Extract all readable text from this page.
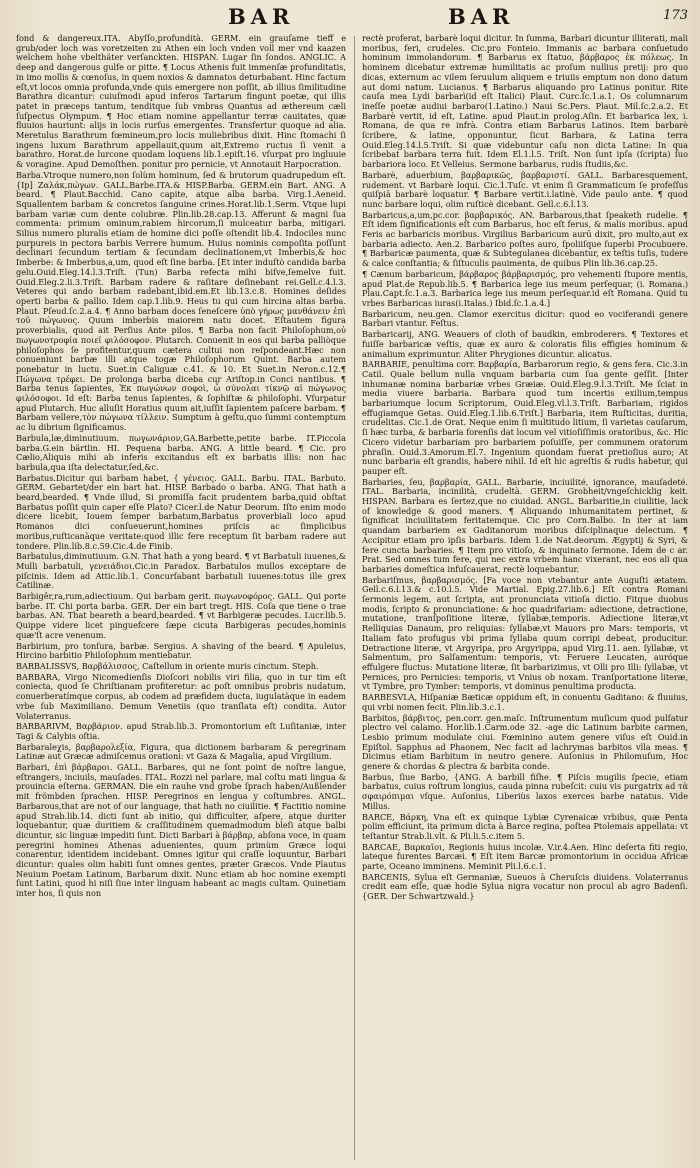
BAR	BAR	173

fond & dangereux.ITA. Abyſſo,profundità. GERM. ein grauſame tieff e grub/oder loch was voretzeiten zu Athen ein loch vnden voll mer vnd kaazen welchem hohe vbelthäter verſanckten. HISPAN. Lugar ſin ſondos. ANGLIC. A deep and dangerous gulfe or pitte. ¶ Locus Athenis fuit immenſæ profunditatis, in imo mollis & cœnoſus, in quem noxios & damnatos deturbabant. Hinc factum eſt,vt locos omnia profunda,vnde quis emergere non poſſit, ab illius ſimilitudine Barathra dicantur: cuiuſmodi apud inferos Tartarum fingunt poetæ, qui illis patet in præceps tantum, tenditque ſub vmbras Quantus ad æthereum cæli ſuſpectus Olympum. ¶ Hoc etiam nomine appellantur terræ cauitates, quæ fluuios hauriunt: alijs in locis rurſus emergentes. Transfertur quoque ad alia. Meretulus Barathrum fœmineum,pro locis muliebribus dixit. Hinc ſtomachi ſi ingens luxum Barathrum appellauit,quum ait,Extremo ructus ſi venit a barathro. Horat.de lurcone quodam loquens lib.1.epiſt.16. vſurpat pro ingluuie & voragine. Apud Demoſthen. ponitur pro pernicie, vt Annotauit Harpocration.

Barba.Vtroque numero,non ſolùm hominum, ſed & brutorum quadrupedum eſt. {Ip] Ζαλάκ,πώγων. GALL.Barbe.ITA.& HISP.Barba. GERM.ein Bart. ANG. A beard. ¶ Plaut.Bacchid. Cano capite, atque alba barba. Virg.1.Aeneid. Squallentem barbam & concretos ſanguine crines.Horat.lib.1.Serm. Vtque lupi barbam variæ cum dente colubræ. Plin.lib.28.cap.13. Afferunt & magni ſua commenta: primum ominum,rabiem hircorum,ſi mulceatur barba, mitigari. Silius numero pluralis etiam de homine dici poſſe oſtendit lib.4. Indociles nunc purpureis in pectora barbis Verrere humum. Huius nominis compoſita poſſunt declinari ſecundum tertiam & ſecundam declinationem,vt Imberbis,& hoc Imberbe: & Imberbus,a,um, quod eſt ſine barba. [Et inter induſtò candida barba gelu.Ouid.Eleg.14.l.3.Triſt. (Tun) Barba refecta mihi biſve,ſemelve fuit. Ouid.Eleg.2.li.3.Triſt. Barbam radere & raſitare deſinebant rei.Gell.c.4.l.3. Veteres qui ando barbam radebant,ibid.em.Et lib.13.c.8. Homines deſides operti barba & pallio. Idem cap.1.lib.9. Heus tu qui cum hircina altas barba. Plaut. Pſeud.ſc.2.a.4. ¶ Anno barbam doces ſeneſcere ὑπὸ γήρως μανθάνειν ἐπὶ τοῦ πώγωνος. Quum imberbis maiorem natu docet. Eſtautem figura proverbialis, quod ait Perſius Ante pilos. ¶ Barba non facit Philoſophum,οὐ πωγωνοτροφία ποιεῖ φιλόσοφον. Plutarch. Conuenit in eos qui barba palliòque philoſophos ſe profitentur,quum cætera cultui non reſpondeant.Hæc non conueniunt barbæ illi atque togæ Philoſophorum Quint. Barba autem ponebatur in luctu. Suet.in Caliguæ c.41. & 10. Et Suet.in Neron.c.12.¶ Πώγωνα τρέφει. De prolonga barba diceba cur Ariſtop.in Conci nantibus. ¶ Barba tenus ſapientes, Ἐκ πωγώνων σοφοὶ, ὦ σύνολαι τίκνῷ αἰ πώγωνος φιλόσοφοι. Id eſt: Barba tenus ſapientes, & ſophiſtæ & philoſophi. Vſurpatur apud Plutarch. Huc alluſit Horatius quum ait,iuſſit ſapientem paſcere barbam. ¶ Barbam vellere,τὸν πώγωνα τίλλειν. Sumptum à geſtu,quo ſummi contemptum ac lu dibrium ſignificamus.

Barbula,læ,diminutiuum. πωγωνάριον,GA.Barbette,petite barbe. IT.Piccola barba.G.ein bärtlin. HI. Pequena barba. ANG. A little beard. ¶ Cic. pro Cælio,Aliquis mihi ab inferis excitandus eſt ex barbatis illis: non hac barbula,qua iſta delectatur,ſed,&c.

Barbatus.Dicitur qui barbam habet, { γένειος. GALL. Barbu. ITAL. Barbuto. GERM. Gebartet/der ein bart hat. HISP. Barbado o barba. ANG. That hath a beard,bearded. ¶ Vnde illud, Si promiſſa facit prudentem barba,quid obſtat Barbatus poſſit quin caper eſſe Plato? Cicer.l.de Natur Deorum. Iſto enim modo dicere licebit, Iouem ſemper barbatum,Barbatus proverbiali loco apud Romanos dici conſueuerunt,homines priſcis ac ſimplicibus moribus,ruſticanàque veritate:quod illic fere receptum ſit barbam radere aut tondere. Plin.lib.8.c.59.Cic.4.de Finib.

Barbatulus,diminutiuum. G.N. That hath a yong beard. ¶ vt Barbatuli iuuenes,& Mulli barbatuli, γενειάδιοι.Cic.in Paradox. Barbatulos mullos exceptare de piſcinis. Idem ad Attic.lib.1. Concurſabant barbatuli iuuenes:totus ille grex Catilinæ.

Barbigêr,ra,rum,adiectiuum. Qui barbam gerit. πωγωνοφόρος. GALL. Qui porte barbe. IT. Chi porta barba. GER. Der ein bart tregt. HIS. Coſa que tiene o trae barbas. AN. That beareth a beard,bearded. ¶ vt Barbigeræ pecudes. Lucr.lib.5. Quippe videre licet pinguefcere ſæpe cicuta Barbigeras pecudes,hominis quæ'ſt acre venenum.

Barbirium, pro tonſura, barbæ. Sergius. A shaving of the beard. ¶ Apuleius, Hircino barbitio Philoſophum mentiebatur.

BARBALISSVS, Βαρβάλισσος, Caſtellum in oriente muris cinctum. Steph.

BARBARA, Virgo Nicomedienſis Dioſcori nobilis viri filia, quo in tur tim eſt coniecta, quod ſe Chriſtianam profiteretur: ac poſt omnibus probris nudatum, conuerberatímque corpus, ab codem ad præfidem ducta, iugulatàque in eadem vrbe ſub Maximiliano. Demum Venetiis (quo tranſlata eſt) condita. Autor Volaterranus.

BARBARIVM, Βαρβάριον. apud Strab.lib.3. Promontorium eſt Luſitaniæ, inter Tagi & Calybis oſtia.

Barbaraleχis, βαρβαρολεξία, Figura, qua dictionem barbaram & peregrinam Latinæ aut Græcæ admiſcemus orationi: vt Gaza & Magalia, apud Virgilium.

Barbari, ἐπὶ βάρβαροι. GALL. Barbares, qui ne ſont point de noſtre langue, eſtrangers, inciuils, mauſades. ITAL. Rozzi nel parlare, mal coſtu mati lingua & prouincia eſterna. GERMAN. Die ein rauhe vnd grobe ſprach haben/Außlender mit frömbden ſprachen. HISP. Peregrinos en lengua y coſtumbres. ANGL. Barbarous,that are not of our language, that hath no ciuilitie. ¶ Factitio nomine apud Strab.lib.14. dicti ſunt ab initio, qui difficulter, aſpere, atque duriter loquebantur, quæ duritiem & craſſitudinem quemadmodum bleſi atque balbi dicuntur, sic linguæ impediti ſunt. Dicti Barbari à βάρβαρ, abſona voce, in quam peregrini homines Athenas aduenientes, quum primùm Græce loqui conarentur, identidem incidebant. Omnes igitur qui craſſe loquuntur, Barbari dicuntur: quales olim habiti ſunt omnes gentes, præter Græcos. Vnde Plautus Neuium Poetam Latinum, Barbarum dixit. Nunc etiam ab hoc nomine exempti ſunt Latini, quod hi niſi ſiue inter linguam habeant ac magis cultam. Quinetiam inter hos, ſi quis non

rectè proferat, barbarè loqui dicitur. In ſumma, Barbari dicuntur illiterati, mali moribus, feri, crudeles. Cic.pro Fonteio. Immanis ac barbara conſuetudo hominum immolandorum. ¶ Barbarus ex ſtatuo, βάρβαρος ἐκ πόλεως. In hominem dicebatur extremæ humilitatis ac proſum nullius pretij: pro quo dicas, externum ac vilem ſeruulum aliquem e triuiis emptum non dono datum aut domi natum. Lucianus. ¶ Barbarus aliquando pro Latinus ponitur. Rite cauſa mea Lydi barbarì(id eſt Italici) Plaut. Curc.ſc.1.a.1. Os columnarum ineſſe poetæ audiui barbaro(1.Latino.) Naui Sc.Pers. Plaut. Mil.ſc.2.a.2. Et Barbarè vertit, id eſt, Latine. apud Plaut.in prolog.Aſin. Et barbarica lex, i. Romana, de qua re infrà. Contra etiam Barbarus Latinos. Item barbarè ſcribere, & latine, opponuntur, ſicut Barbara, & Latina terra Ouid.Eleg.14.l.5.Triſt. Si quæ videbuntur caſu non dicta Latine: In qua ſcribebat barbara terra fuit. Idem El.1.l.5. Triſt. Non ſunt ipſa (ſcripta) ſuo barbariora loco. Et Velleius. Sermone barbarus, rudis ſtudiis,&c.

Barbarè, aduerbium, βαρβαρικῶς, βαρβαριστί. GALL. Barbaresquement, rudement. vt Barbarè loqui. Cic.1.Tuſc. vt enim ſi Grammaticum ſe profeſſus quiſpiā barbarè loquatur. ¶ Barbare vertit.i.latinè. Vide paulo ante. ¶ quod nunc barbare loqui, olim ruſticè dicebant. Gell.c.6.l.13.

Barbaricus,a,um,pc.cor. βαρβαρικός. AN. Barbarous,that ſpeaketh rudelie. ¶ Eſt idem ſignificationis eſt cum Barbarus, hoc eſt ferus, & malis moribus. apud Feris ac barbaricis moribus. Virgilius Barbaricum aurū dixit, pro multo,aut ex barbaria adiecto. Aen.2. Barbarico poſtes auro, ſpoliiſque ſuperbi Procubuere. ¶ Barbaricæ paumenta, quæ & Subtegulanea dicebantur, ex teſtis tuſis, tudere & calce conſtantia; & ſiſtuculis pauimenta, de quibus Plin lib.36.cap.25.

¶ Cænum barbaricum, βάρβαρος βάρβαρισμός, pro vehementi ſtupore mentis, apud Plat.de Repub.lib.5. ¶ Barbarica lege ius meum perſequar, (i. Romana.) Plau.Capt.ſc.1.a.3. Barbarica lege ius meum perſequar.id eſt Romana. Quid tu vrbes Barbaricas iuras(i.Italas.) Ibid.ſc.1.a.4.]

Barbaricum, neu.gen. Clamor exercitus dicitur: quod eo vociferandi genere Barbari vtantur. Feſtus.

Barbaricarij, ANG. Weauers of cloth of baudkin, embroderers. ¶ Textores et fuiſſe barbaricæ veſtis, quæ ex auro & coloratis filis effigies hominum & animalium exprimuntur. Aliter Phrygiones dicuntur. alicatus.

BARBARIE, penultima corr. Βαρβαρία, Barbarorum regio, & gens fera. Cic.3.in Catil. Quale bellum nulla vnquam barbaria cum ſua gente geſſit. [Inter inhumanæ nomina barbariæ vrbes Græiæ. Ouid.Eleg.9.l.3.Triſt. Me ſciat in media viuere barbaria. Barbara quod tum incertis exilium,tempus barbariumque locum Scriptorum, Ouid.Eleg.vl.l.3.Triſt. Barbariam, rigidos effugiamque Getas. Ouid.Eleg.1.lib.6.Triſt.] Barbaria, item Ruſticitas, duritia, crudelitas. Cic.1.de Orat. Neque enim ſi multitudo litium, ſi varietas cauſarum, ſi hæc turba, & barbaria forenſis dat locum vel vitioſiſſimis oratoribus, &c. Hic Cicero videtur barbariam pro barbariem poſuiſſe, per communem oratorum phraſin. Ouid.3.Amorum.El.7. Ingenium quondam fuerat pretioſius auro; At nunc barbaria eſt grandis, habere nihil. Id eſt hic agreſtis & rudis habetur, qui pauper eſt.

Barbaries, ſeu, βαρβαρία, GALL. Barbarie, inciuilité, ignorance, mauſadeté. ITAL. Barbaria, incinilità, crudeltà. GERM. Grobheit/vngeſchicklig keit. HISPAN. Barbara es ſertez,que no ciuidad. ANGL. Barbaritie,in ciuilitie, lack of knowledge & good maners. ¶ Aliquando inhumanitatem pertinet, & ſignificat inciuilitatem feritatemque. Cic pro Corn.Balbo. In iter at iam quandam barbariem ex Gaditanorum moribus diſciplinaque delectum. ¶ Accipitur etiam pro ipſis barbaris. Idem 1.de Nat.deorum. Ægyptij & Syri, & fere cuncta barbaries. ¶ Item pro vitioſo, & inquinato ſermone. Idem de c ar. Prat. Sed omnes tum fere, qui nec extra vrbem hanc vixerant, nec eos ali qua barbaries domeſtica infuſcauerat, rectè loquebantur.

Barbariſmus, βαρβαρισμός. [Fa voce non vtebantur ante Auguſti ætatem. Gell.c.6.l.13.& c.10.l.5. Vide Martial. Epig.27.lib.6.] Eſt contra Romani ſermonis legem, aut ſcripta, aut pronunciata vitioſa dictio. Fitque duobus modis, ſcripto & pronunciatione: & hoc quadrifariam: adiectione, detractione, mutatione, tranſpoſitione literæ, ſyllabæ,temporis. Adiectione literæ,vt Relliquias Danaum, pro reliquias: ſyllabæ,vt Mauors pro Mars: temporis, vt Italiam fato profugus vbi prima ſyllaba quum corripi debeat, producitur. Detractione literæ, vt Argyripa, pro Argyrippa, apud Virg.11. aen. ſyllabæ, vt Salmentum, pro Salſamentum: temporis, vt: Feruere Leucaten, auróque effulgere fluctus: Mutatione literæ, ſit barbarizimus, vt Olli pro Illi: ſyllabæ, vt Pernices, pro Pernicies: temporis, vt Vnius ob noxam. Tranſportatione literæ, vt Tymbre, pro Tymber: temporis, vt dominus penultima producta.

BARBESVLA, Hiſpaniæ Bæticæ oppidum eſt, in conuentu Gaditano: & fluuius, qui vrbi nomen fecit. Plin.lib.3.c.1.

Barbitos, βάρβιτος, pen.corr. gen.maſc. Inſtrumentum muſicum quod pulſatur plectro vel calamo. Hor.lib.1.Carm.ode 32. -age dic Latinum barbite carmen, Lesbio primum modulate ciui. Fœminino autem genere viſus eſt Ouid.in Epiſtol. Sapphus ad Phaonem, Nec facit ad lachrymas barbitos vlla meas. ¶ Dicimus etiam Barbitum in neutro genere. Auſonius in Philomuſum, Hoc genere & chordas & plectra & barbita conde.

Barbus, ſiue Barbo, {ANG. A barbill fiſhe. ¶ Piſcis mugilis ſpecie, etiam barbatus, cuius roſtrum longius, cauda pinna rubeſcit: cuiu vis purgatrix ad τὰ σφαιρόπιμαι vſque. Auſonius, Liberiùs laxos exerces barbe natatus. Vide Millus.

BARCE, Βάρκη, Vna eſt ex quinque Lybiæ Cyrenaicæ vrbibus, quæ Penta polim efficiunt, ita primum dicta à Barce regina, poſtea Ptolemais appellata: vt teſtantur Strab.li.vlt. & Pli.li.5.c.item 5.

BARCAE, Βαρκαῖοι, Regionis huius incolæ. V.ir.4.Aen. Hinc deſerta fiti regio, lateque furentes Barcæi. ¶ Eſt item Barcæ promontorium in occidua Africæ parte, Oceano imminens. Meminit Pli.l.6.c.1.

BARCENIS, Sylua eſt Germaniæ, Sueuos à Cheruſcis diuidens. Volaterranus credit eam eſſe, quæ hodie Sylua nigra vocatur non procul ab agro Badenſi. {GER. Der Schwartzwald.}
